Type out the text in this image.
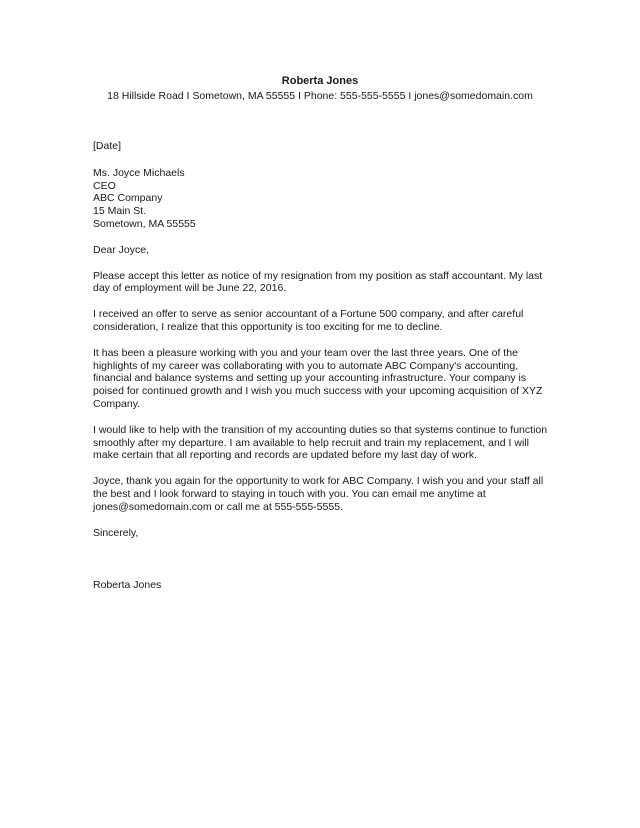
Roberta Jones
18 Hillside Road I Sometown, MA 55555 I Phone: 555-555-5555 I jones@somedomain.com
[Date]
Ms. Joyce Michaels
CEO
ABC Company
15 Main St.
Sometown, MA 55555
Dear Joyce,
Please accept this letter as notice of my resignation from my position as staff accountant. My last
day of employment will be June 22, 2016.
I received an offer to serve as senior accountant of a Fortune 500 company, and after careful
consideration, I realize that this opportunity is too exciting for me to decline.
It has been a pleasure working with you and your team over the last three years. One of the
highlights of my career was collaborating with you to automate ABC Company's accounting,
financial and balance systems and setting up your accounting infrastructure. Your company is
poised for continued growth and I wish you much success with your upcoming acquisition of XYZ
Company.
I would like to help with the transition of my accounting duties so that systems continue to function
smoothly after my departure. I am available to help recruit and train my replacement, and I will
make certain that all reporting and records are updated before my last day of work.
Joyce, thank you again for the opportunity to work for ABC Company. I wish you and your staff all
the best and I look forward to staying in touch with you. You can email me anytime at
jones@somedomain.com or call me at 555-555-5555.
Sincerely,
Roberta Jones
